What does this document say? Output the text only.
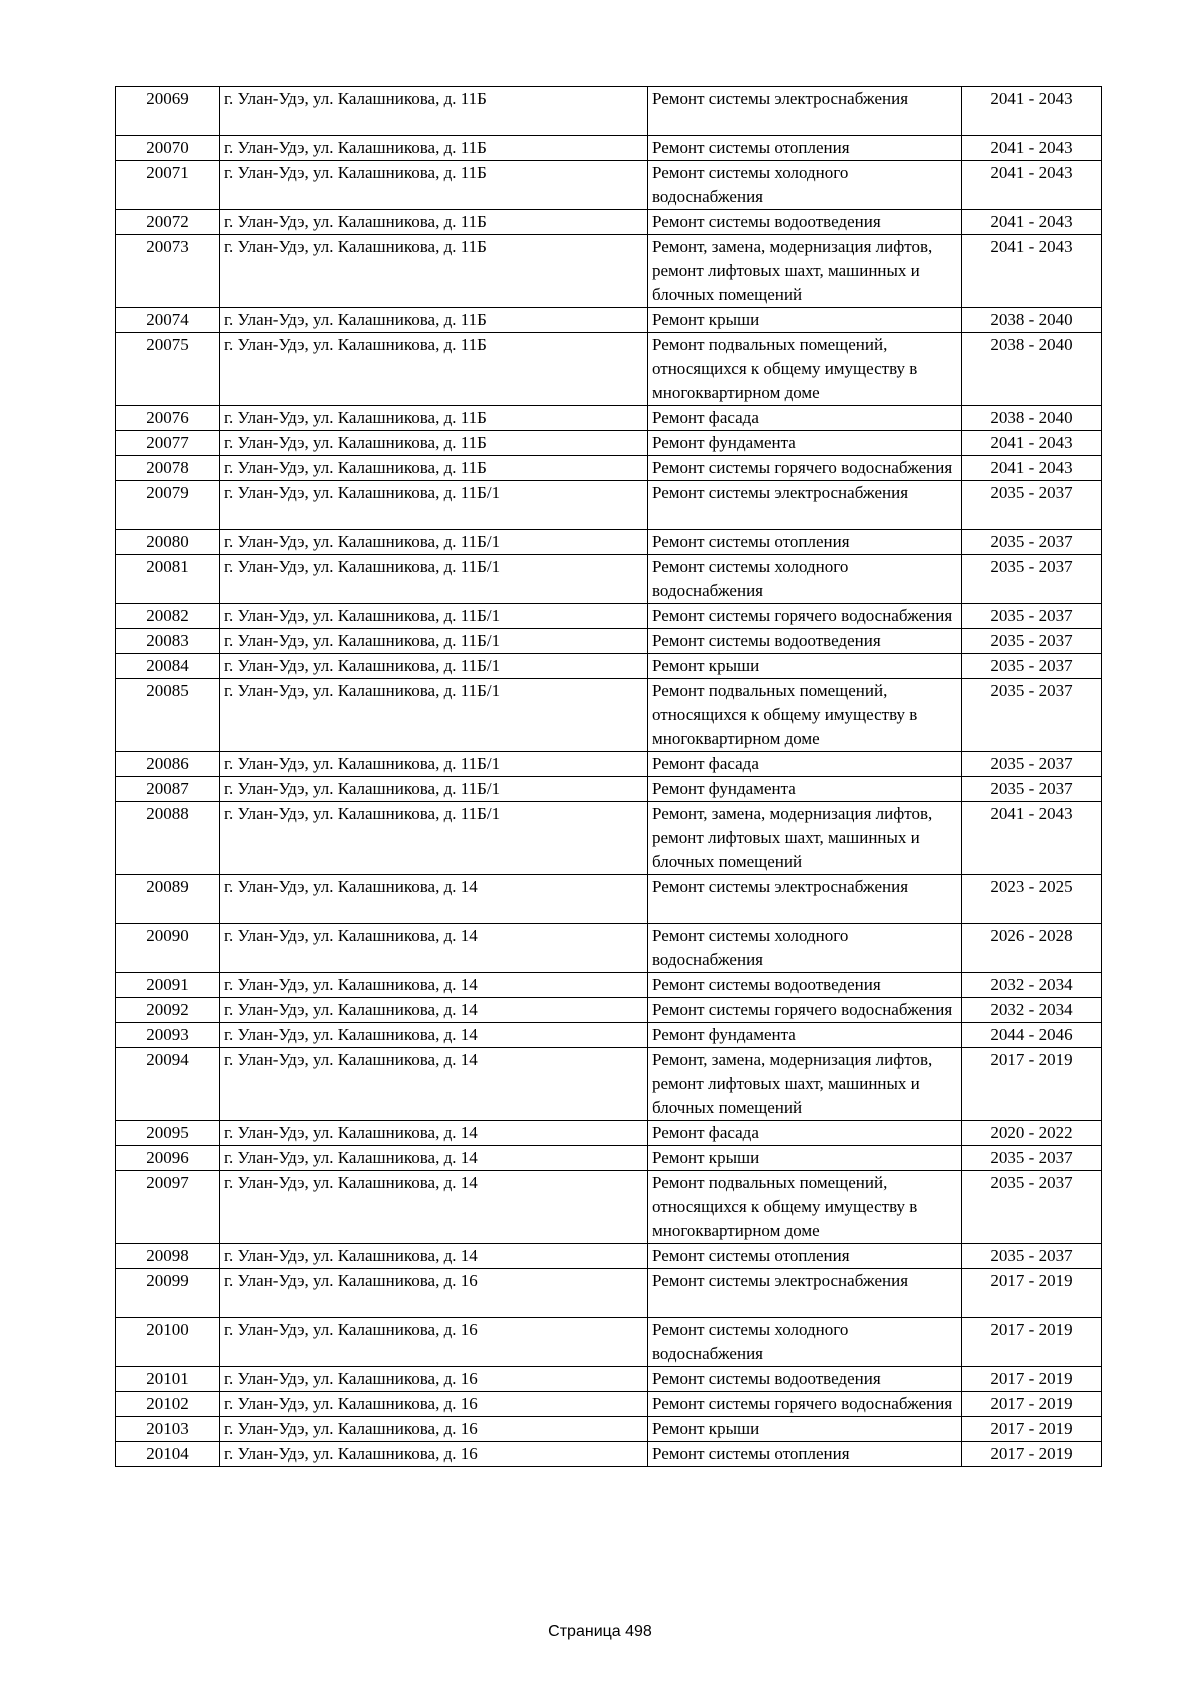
20069	г. Улан-Удэ, ул. Калашникова, д. 11Б	Ремонт системы электроснабжения	2041 - 2043
20070	г. Улан-Удэ, ул. Калашникова, д. 11Б	Ремонт системы отопления	2041 - 2043
20071	г. Улан-Удэ, ул. Калашникова, д. 11Б	Ремонт системы холодного водоснабжения	2041 - 2043
20072	г. Улан-Удэ, ул. Калашникова, д. 11Б	Ремонт системы водоотведения	2041 - 2043
20073	г. Улан-Удэ, ул. Калашникова, д. 11Б	Ремонт, замена, модернизация лифтов, ремонт лифтовых шахт, машинных и блочных помещений	2041 - 2043
20074	г. Улан-Удэ, ул. Калашникова, д. 11Б	Ремонт крыши	2038 - 2040
20075	г. Улан-Удэ, ул. Калашникова, д. 11Б	Ремонт подвальных помещений, относящихся к общему имуществу в многоквартирном доме	2038 - 2040
20076	г. Улан-Удэ, ул. Калашникова, д. 11Б	Ремонт фасада	2038 - 2040
20077	г. Улан-Удэ, ул. Калашникова, д. 11Б	Ремонт фундамента	2041 - 2043
20078	г. Улан-Удэ, ул. Калашникова, д. 11Б	Ремонт системы горячего водоснабжения	2041 - 2043
20079	г. Улан-Удэ, ул. Калашникова, д. 11Б/1	Ремонт системы электроснабжения	2035 - 2037
20080	г. Улан-Удэ, ул. Калашникова, д. 11Б/1	Ремонт системы отопления	2035 - 2037
20081	г. Улан-Удэ, ул. Калашникова, д. 11Б/1	Ремонт системы холодного водоснабжения	2035 - 2037
20082	г. Улан-Удэ, ул. Калашникова, д. 11Б/1	Ремонт системы горячего водоснабжения	2035 - 2037
20083	г. Улан-Удэ, ул. Калашникова, д. 11Б/1	Ремонт системы водоотведения	2035 - 2037
20084	г. Улан-Удэ, ул. Калашникова, д. 11Б/1	Ремонт крыши	2035 - 2037
20085	г. Улан-Удэ, ул. Калашникова, д. 11Б/1	Ремонт подвальных помещений, относящихся к общему имуществу в многоквартирном доме	2035 - 2037
20086	г. Улан-Удэ, ул. Калашникова, д. 11Б/1	Ремонт фасада	2035 - 2037
20087	г. Улан-Удэ, ул. Калашникова, д. 11Б/1	Ремонт фундамента	2035 - 2037
20088	г. Улан-Удэ, ул. Калашникова, д. 11Б/1	Ремонт, замена, модернизация лифтов, ремонт лифтовых шахт, машинных и блочных помещений	2041 - 2043
20089	г. Улан-Удэ, ул. Калашникова, д. 14	Ремонт системы электроснабжения	2023 - 2025
20090	г. Улан-Удэ, ул. Калашникова, д. 14	Ремонт системы холодного водоснабжения	2026 - 2028
20091	г. Улан-Удэ, ул. Калашникова, д. 14	Ремонт системы водоотведения	2032 - 2034
20092	г. Улан-Удэ, ул. Калашникова, д. 14	Ремонт системы горячего водоснабжения	2032 - 2034
20093	г. Улан-Удэ, ул. Калашникова, д. 14	Ремонт фундамента	2044 - 2046
20094	г. Улан-Удэ, ул. Калашникова, д. 14	Ремонт, замена, модернизация лифтов, ремонт лифтовых шахт, машинных и блочных помещений	2017 - 2019
20095	г. Улан-Удэ, ул. Калашникова, д. 14	Ремонт фасада	2020 - 2022
20096	г. Улан-Удэ, ул. Калашникова, д. 14	Ремонт крыши	2035 - 2037
20097	г. Улан-Удэ, ул. Калашникова, д. 14	Ремонт подвальных помещений, относящихся к общему имуществу в многоквартирном доме	2035 - 2037
20098	г. Улан-Удэ, ул. Калашникова, д. 14	Ремонт системы отопления	2035 - 2037
20099	г. Улан-Удэ, ул. Калашникова, д. 16	Ремонт системы электроснабжения	2017 - 2019
20100	г. Улан-Удэ, ул. Калашникова, д. 16	Ремонт системы холодного водоснабжения	2017 - 2019
20101	г. Улан-Удэ, ул. Калашникова, д. 16	Ремонт системы водоотведения	2017 - 2019
20102	г. Улан-Удэ, ул. Калашникова, д. 16	Ремонт системы горячего водоснабжения	2017 - 2019
20103	г. Улан-Удэ, ул. Калашникова, д. 16	Ремонт крыши	2017 - 2019
20104	г. Улан-Удэ, ул. Калашникова, д. 16	Ремонт системы отопления	2017 - 2019
Страница 498
